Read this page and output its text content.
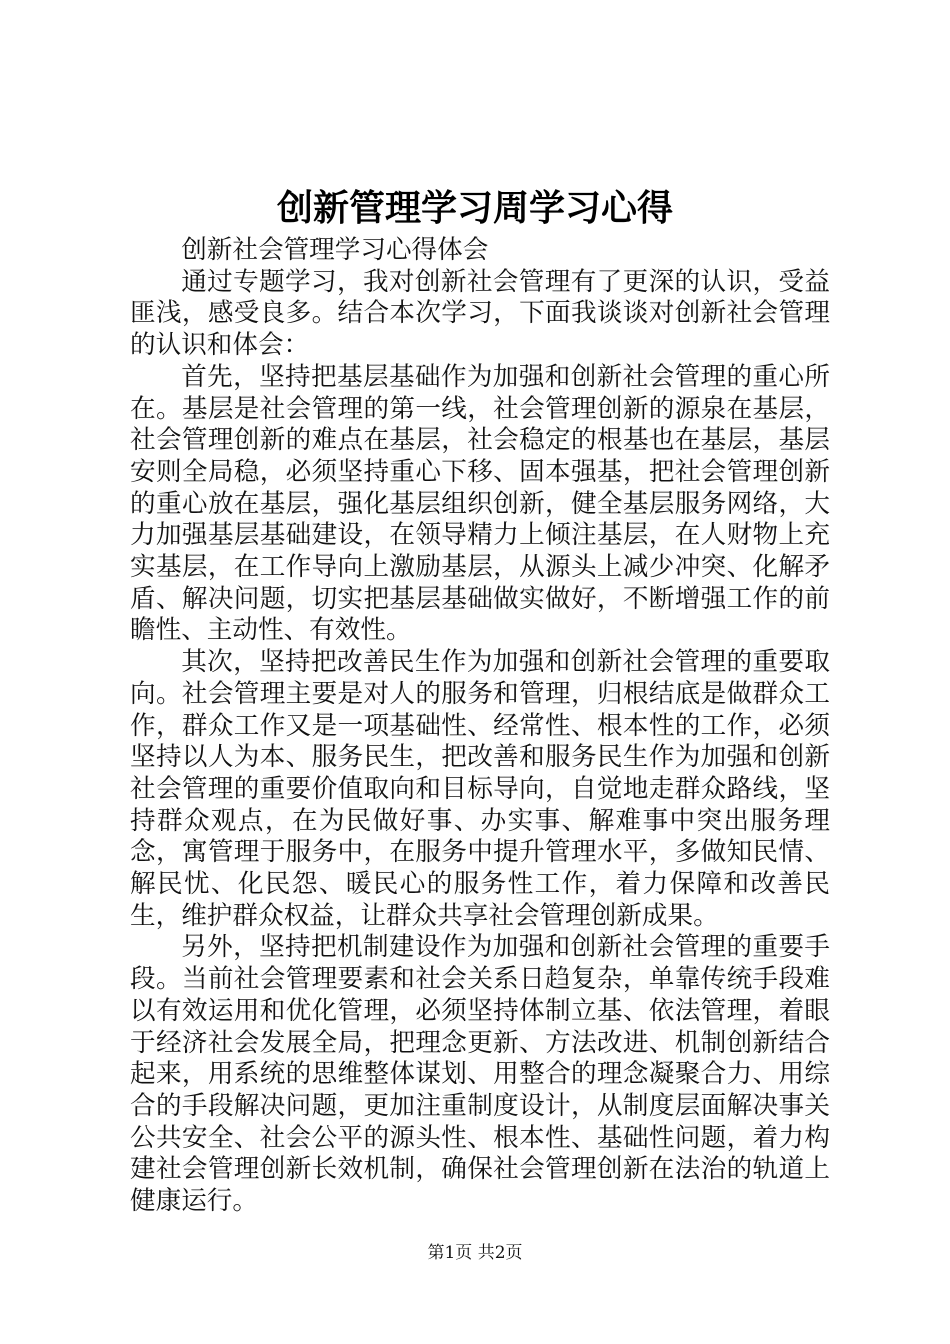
创新管理学习周学习心得

创新社会管理学习心得体会

通过专题学习，我对创新社会管理有了更深的认识，受益匪浅，感受良多。结合本次学习，下面我谈谈对创新社会管理的认识和体会：

首先，坚持把基层基础作为加强和创新社会管理的重心所在。基层是社会管理的第一线，社会管理创新的源泉在基层，社会管理创新的难点在基层，社会稳定的根基也在基层，基层安则全局稳，必须坚持重心下移、固本强基，把社会管理创新的重心放在基层，强化基层组织创新，健全基层服务网络，大力加强基层基础建设，在领导精力上倾注基层，在人财物上充实基层，在工作导向上激励基层，从源头上减少冲突、化解矛盾、解决问题，切实把基层基础做实做好，不断增强工作的前瞻性、主动性、有效性。

其次，坚持把改善民生作为加强和创新社会管理的重要取向。社会管理主要是对人的服务和管理，归根结底是做群众工作，群众工作又是一项基础性、经常性、根本性的工作，必须坚持以人为本、服务民生，把改善和服务民生作为加强和创新社会管理的重要价值取向和目标导向，自觉地走群众路线，坚持群众观点，在为民做好事、办实事、解难事中突出服务理念，寓管理于服务中，在服务中提升管理水平，多做知民情、解民忧、化民怨、暖民心的服务性工作，着力保障和改善民生，维护群众权益，让群众共享社会管理创新成果。

另外，坚持把机制建设作为加强和创新社会管理的重要手段。当前社会管理要素和社会关系日趋复杂，单靠传统手段难以有效运用和优化管理，必须坚持体制立基、依法管理，着眼于经济社会发展全局，把理念更新、方法改进、机制创新结合起来，用系统的思维整体谋划、用整合的理念凝聚合力、用综合的手段解决问题，更加注重制度设计，从制度层面解决事关公共安全、社会公平的源头性、根本性、基础性问题，着力构建社会管理创新长效机制，确保社会管理创新在法治的轨道上健康运行。

第1页 共2页
